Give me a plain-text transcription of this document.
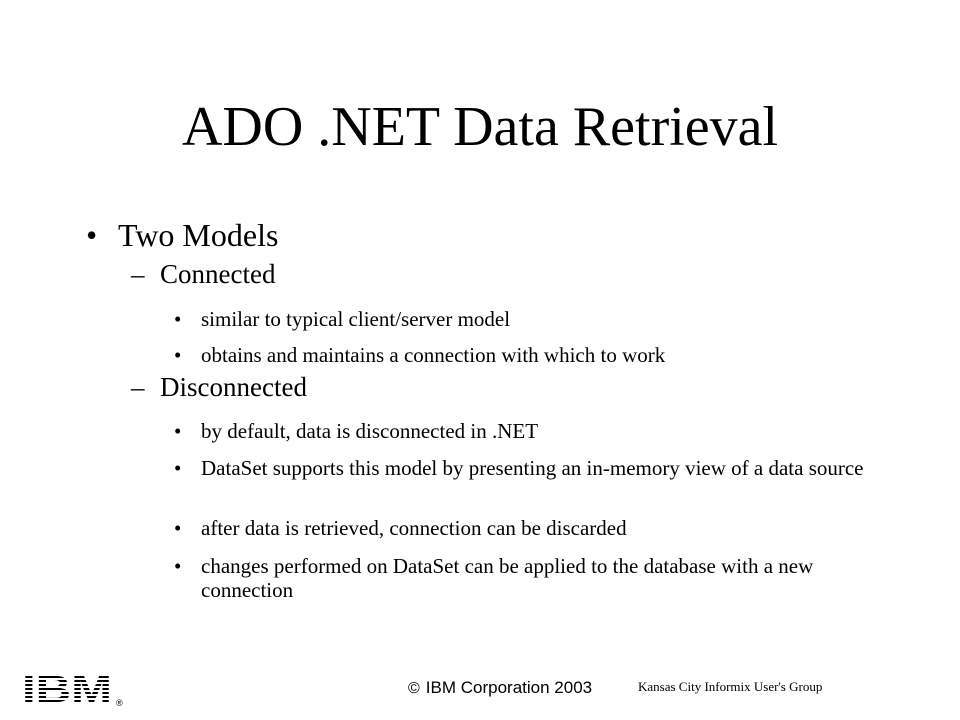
ADO .NET Data Retrieval
• Two Models
– Connected
• similar to typical client/server model
• obtains and maintains a connection with which to work
– Disconnected
• by default, data is disconnected in .NET
• DataSet supports this model by presenting an in-memory view of a data source
• after data is retrieved, connection can be discarded
• changes performed on DataSet can be applied to the database with a new connection
®
© IBM Corporation 2003	Kansas City Informix User's Group
